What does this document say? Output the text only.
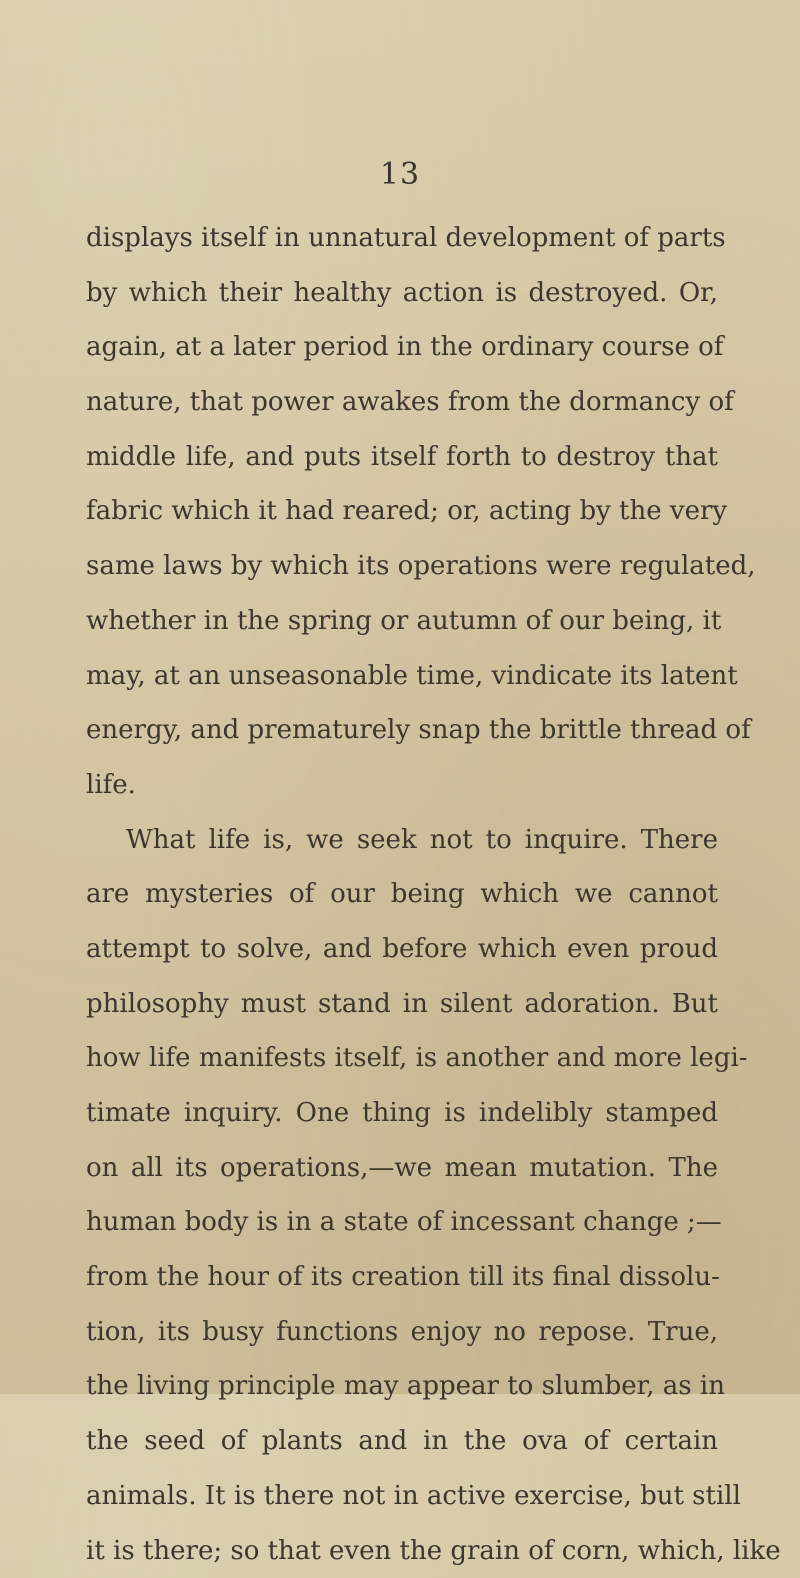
13
displays itself in unnatural development of parts
by which their healthy action is destroyed. Or,
again, at a later period in the ordinary course of
nature, that power awakes from the dormancy of
middle life, and puts itself forth to destroy that
fabric which it had reared; or, acting by the very
same laws by which its operations were regulated,
whether in the spring or autumn of our being, it
may, at an unseasonable time, vindicate its latent
energy, and prematurely snap the brittle thread of
life.
What life is, we seek not to inquire. There
are mysteries of our being which we cannot
attempt to solve, and before which even proud
philosophy must stand in silent adoration. But
how life manifests itself, is another and more legi-
timate inquiry. One thing is indelibly stamped
on all its operations,—we mean mutation. The
human body is in a state of incessant change ;—
from the hour of its creation till its final dissolu-
tion, its busy functions enjoy no repose. True,
the living principle may appear to slumber, as in
the seed of plants and in the ova of certain
animals. It is there not in active exercise, but still
it is there; so that even the grain of corn, which, like
